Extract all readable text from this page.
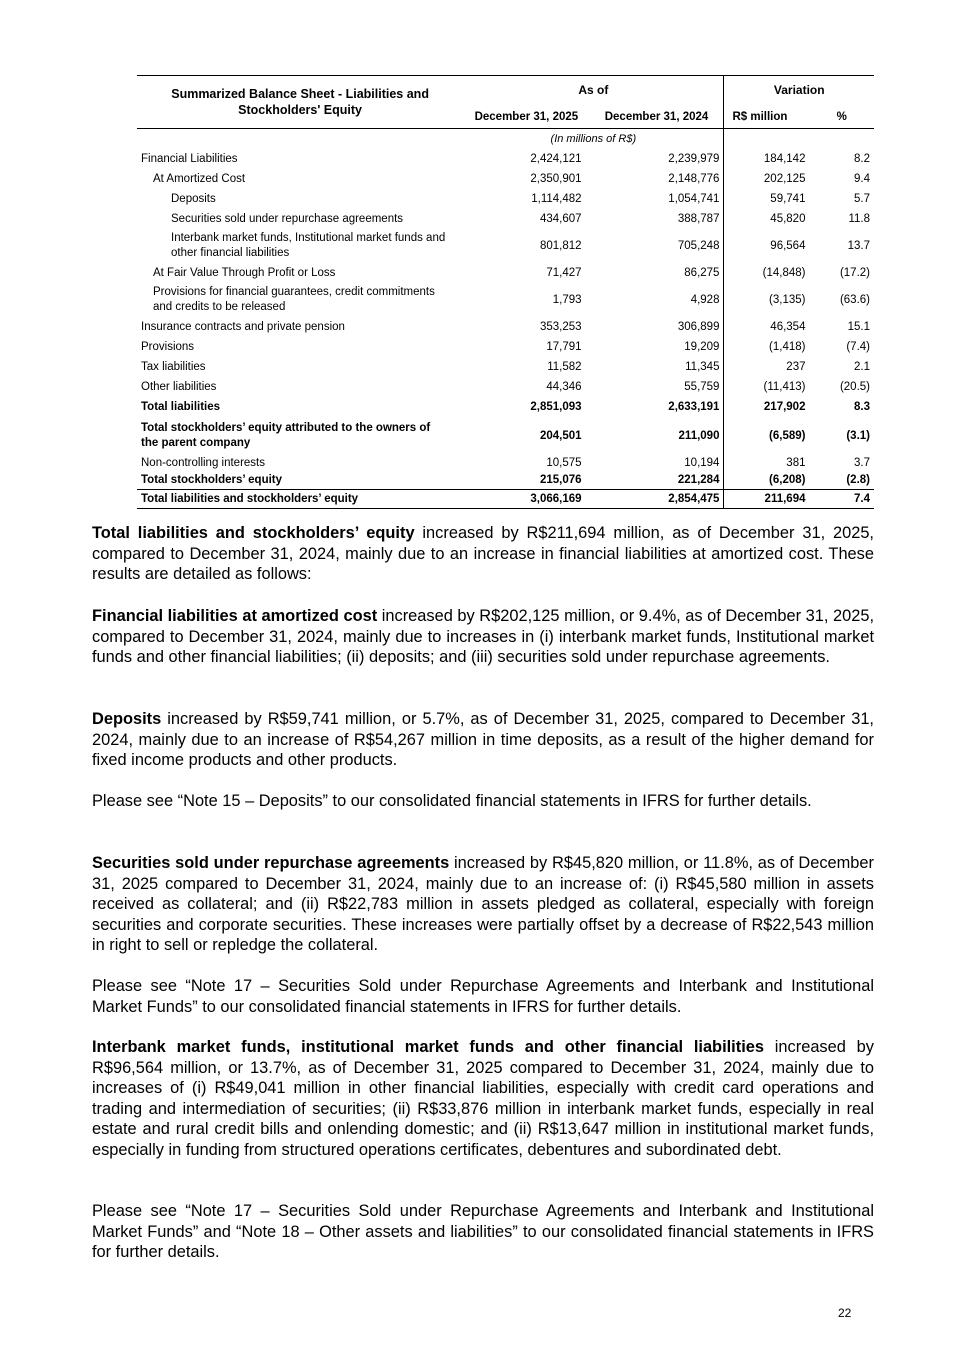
Summarized Balance Sheet - Liabilities and
Stockholders' Equity	As of		Variation	
	December 31, 2025	December 31, 2024	R$ million	%

	(In millions of R$)			
Financial Liabilities	2,424,121	2,239,979	184,142	8.2
At Amortized Cost	2,350,901	2,148,776	202,125	9.4
Deposits	1,114,482	1,054,741	59,741	5.7
Securities sold under repurchase agreements	434,607	388,787	45,820	11.8
Interbank market funds, Institutional market funds and
other financial liabilities	801,812	705,248	96,564	13.7
At Fair Value Through Profit or Loss	71,427	86,275	(14,848)	(17.2)
Provisions for financial guarantees, credit commitments
and credits to be released	1,793	4,928	(3,135)	(63.6)
Insurance contracts and private pension	353,253	306,899	46,354	15.1
Provisions	17,791	19,209	(1,418)	(7.4)
Tax liabilities	11,582	11,345	237	2.1
Other liabilities	44,346	55,759	(11,413)	(20.5)
Total liabilities	2,851,093	2,633,191	217,902	8.3
Total stockholders’ equity attributed to the owners of
the parent company	204,501	211,090	(6,589)	(3.1)
Non-controlling interests	10,575	10,194	381	3.7
Total stockholders’ equity	215,076	221,284	(6,208)	(2.8)
Total liabilities and stockholders’ equity	3,066,169	2,854,475	211,694	7.4

Total liabilities and stockholders’ equity increased by R$211,694 million, as of December 31, 2025, compared to December 31, 2024, mainly due to an increase in financial liabilities at amortized cost. These results are detailed as follows:

Financial liabilities at amortized cost increased by R$202,125 million, or 9.4%, as of December 31, 2025, compared to December 31, 2024, mainly due to increases in (i) interbank market funds, Institutional market funds and other financial liabilities; (ii) deposits; and (iii) securities sold under repurchase agreements.

Deposits increased by R$59,741 million, or 5.7%, as of December 31, 2025, compared to December 31, 2024, mainly due to an increase of R$54,267 million in time deposits, as a result of the higher demand for fixed income products and other products.

Please see “Note 15 – Deposits” to our consolidated financial statements in IFRS for further details.

Securities sold under repurchase agreements increased by R$45,820 million, or 11.8%, as of December 31, 2025 compared to December 31, 2024, mainly due to an increase of: (i) R$45,580 million in assets received as collateral; and (ii) R$22,783 million in assets pledged as collateral, especially with foreign securities and corporate securities. These increases were partially offset by a decrease of R$22,543 million in right to sell or repledge the collateral.

Please see “Note 17 – Securities Sold under Repurchase Agreements and Interbank and Institutional Market Funds” to our consolidated financial statements in IFRS for further details.

Interbank market funds, institutional market funds and other financial liabilities increased by R$96,564 million, or 13.7%, as of December 31, 2025 compared to December 31, 2024, mainly due to increases of (i) R$49,041 million in other financial liabilities, especially with credit card operations and trading and intermediation of securities; (ii) R$33,876 million in interbank market funds, especially in real estate and rural credit bills and onlending domestic; and (ii) R$13,647 million in institutional market funds, especially in funding from structured operations certificates, debentures and subordinated debt.

Please see “Note 17 – Securities Sold under Repurchase Agreements and Interbank and Institutional Market Funds” and “Note 18 – Other assets and liabilities” to our consolidated financial statements in IFRS for further details.

22
